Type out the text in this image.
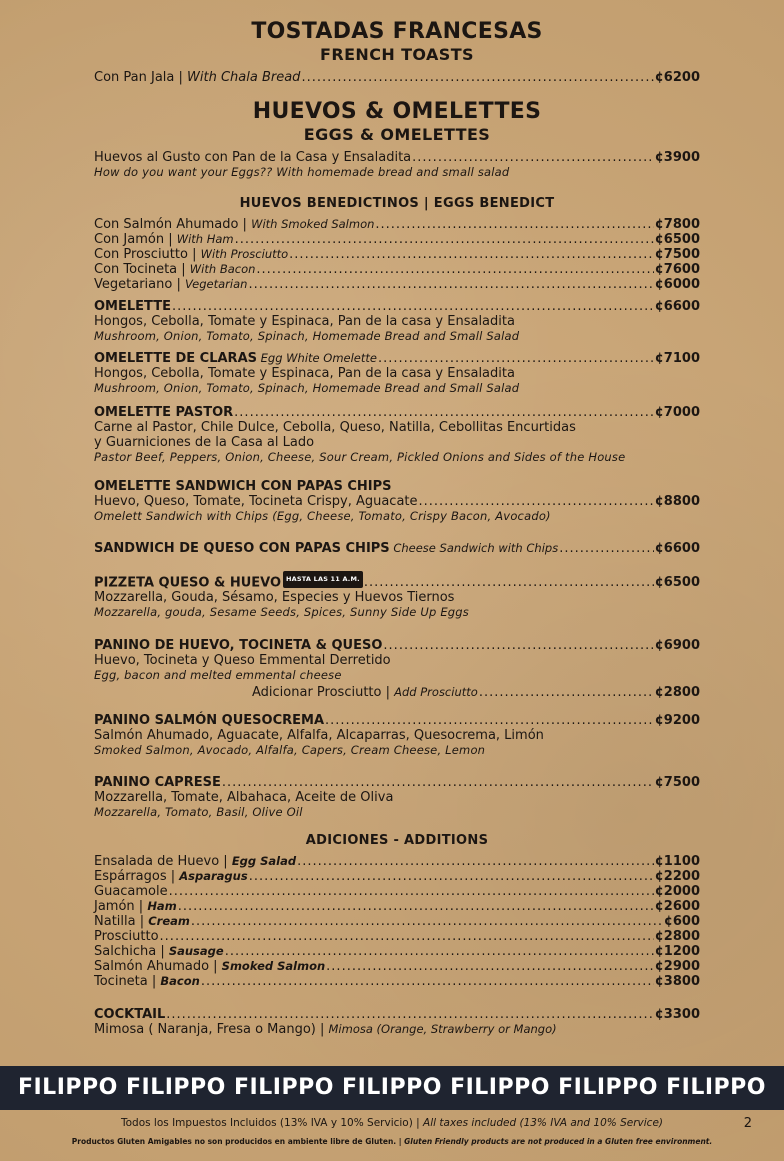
TOSTADAS FRANCESAS
FRENCH TOASTS
Con Pan Jala | With Chala Bread .....	¢6200
HUEVOS & OMELETTES
EGGS & OMELETTES
Huevos al Gusto con Pan de la Casa y Ensaladita .....	¢3900
How do you want your Eggs?? With homemade bread and small salad
HUEVOS BENEDICTINOS | EGGS BENEDICT
Con Salmón Ahumado | With Smoked Salmon .....	¢7800
Con Jamón | With Ham .....	¢6500
Con Prosciutto | With Prosciutto .....	¢7500
Con Tocineta | With Bacon .....	¢7600
Vegetariano | Vegetarian .....	¢6000
OMELETTE .....	¢6600
Hongos, Cebolla, Tomate y Espinaca, Pan de la casa y Ensaladita
Mushroom, Onion, Tomato, Spinach, Homemade Bread and Small Salad
OMELETTE DE CLARAS Egg White Omelette .....	¢7100
Hongos, Cebolla, Tomate y Espinaca, Pan de la casa y Ensaladita
Mushroom, Onion, Tomato, Spinach, Homemade Bread and Small Salad
OMELETTE PASTOR .....	¢7000
Carne al Pastor, Chile Dulce, Cebolla, Queso, Natilla, Cebollitas Encurtidas
y Guarniciones de la Casa al Lado
Pastor Beef, Peppers, Onion, Cheese, Sour Cream, Pickled Onions and Sides of the House
OMELETTE SANDWICH CON PAPAS CHIPS
Huevo, Queso, Tomate, Tocineta Crispy, Aguacate .....	¢8800
Omelett Sandwich with Chips (Egg, Cheese, Tomato, Crispy Bacon, Avocado)
SANDWICH DE QUESO CON PAPAS CHIPS Cheese Sandwich with Chips .....	¢6600
PIZZETA QUESO & HUEVO HASTA LAS 11 A.M. .....	¢6500
Mozzarella, Gouda, Sésamo, Especies y Huevos Tiernos
Mozzarella, gouda, Sesame Seeds, Spices, Sunny Side Up Eggs
PANINO DE HUEVO, TOCINETA & QUESO .....	¢6900
Huevo, Tocineta y Queso Emmental Derretido
Egg, bacon and melted emmental cheese
Adicionar Prosciutto | Add Prosciutto .....	¢2800
PANINO SALMÓN QUESOCREMA .....	¢9200
Salmón Ahumado, Aguacate, Alfalfa, Alcaparras, Quesocrema, Limón
Smoked Salmon, Avocado, Alfalfa, Capers, Cream Cheese, Lemon
PANINO CAPRESE .....	¢7500
Mozzarella, Tomate, Albahaca, Aceite de Oliva
Mozzarella, Tomato, Basil, Olive Oil
ADICIONES - ADDITIONS
Ensalada de Huevo | Egg Salad .....	¢1100
Espárragos | Asparagus .....	¢2200
Guacamole .....	¢2000
Jamón | Ham .....	¢2600
Natilla | Cream .....	¢600
Prosciutto .....	¢2800
Salchicha | Sausage .....	¢1200
Salmón Ahumado | Smoked Salmon .....	¢2900
Tocineta | Bacon .....	¢3800
COCKTAIL .....	¢3300
Mimosa ( Naranja, Fresa o Mango) | Mimosa (Orange, Strawberry or Mango)
FILIPPO FILIPPO FILIPPO FILIPPO FILIPPO FILIPPO FILIPPO
Todos los Impuestos Incluidos (13% IVA y 10% Servicio) | All taxes included (13% IVA and 10% Service)	2
Productos Gluten Amigables no son producidos en ambiente libre de Gluten. | Gluten Friendly products are not produced in a Gluten free environment.
